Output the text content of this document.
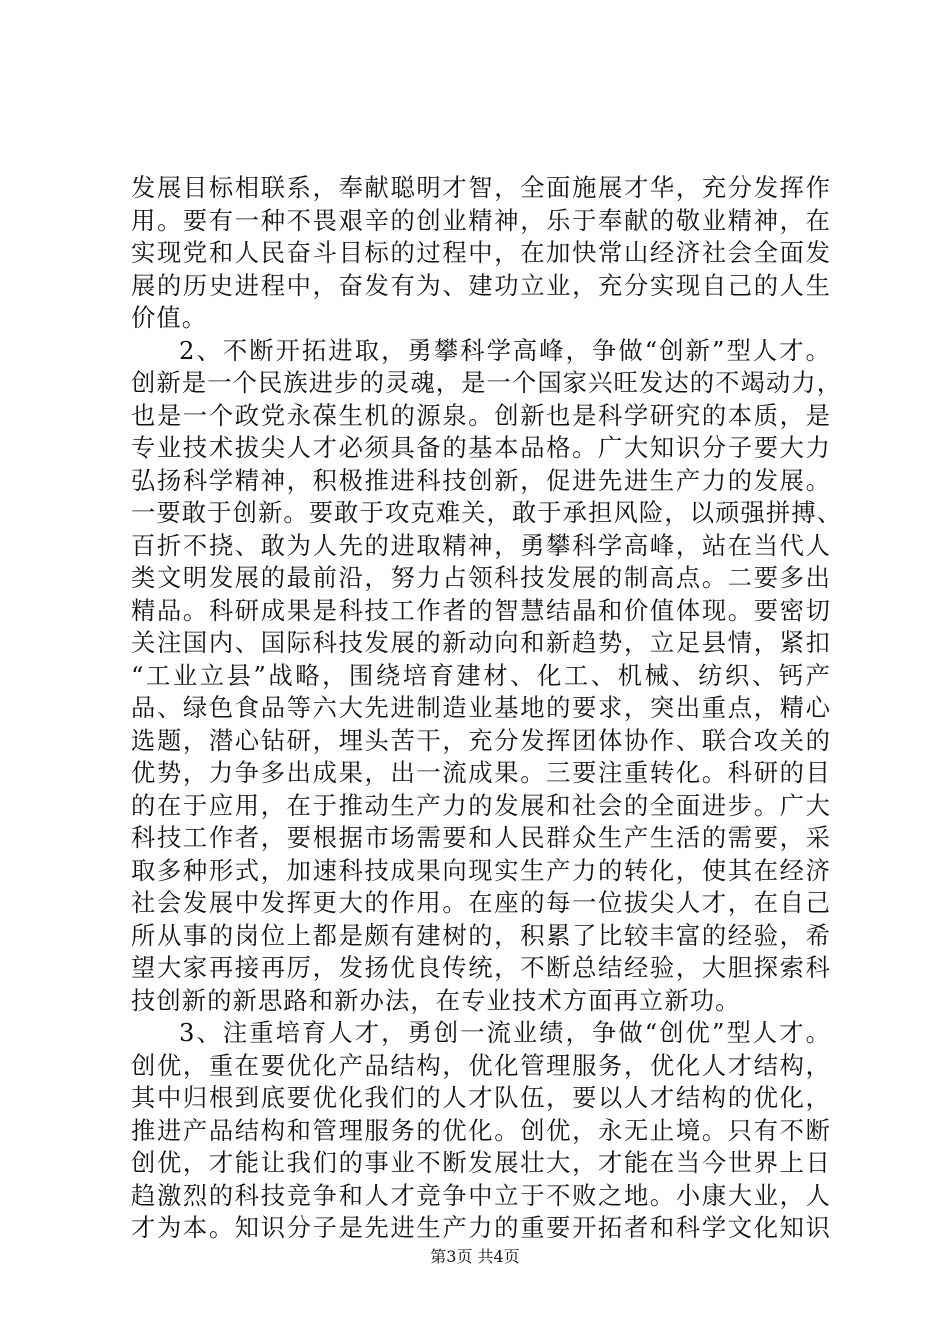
发展目标相联系，奉献聪明才智，全面施展才华，充分发挥作
用。要有一种不畏艰辛的创业精神，乐于奉献的敬业精神，在
实现党和人民奋斗目标的过程中，在加快常山经济社会全面发
展的历史进程中，奋发有为、建功立业，充分实现自己的人生
价值。
2、不断开拓进取，勇攀科学高峰，争做“创新”型人才。
创新是一个民族进步的灵魂，是一个国家兴旺发达的不竭动力，
也是一个政党永葆生机的源泉。创新也是科学研究的本质，是
专业技术拔尖人才必须具备的基本品格。广大知识分子要大力
弘扬科学精神，积极推进科技创新，促进先进生产力的发展。
一要敢于创新。要敢于攻克难关，敢于承担风险，以顽强拼搏、
百折不挠、敢为人先的进取精神，勇攀科学高峰，站在当代人
类文明发展的最前沿，努力占领科技发展的制高点。二要多出
精品。科研成果是科技工作者的智慧结晶和价值体现。要密切
关注国内、国际科技发展的新动向和新趋势，立足县情，紧扣
“工业立县”战略，围绕培育建材、化工、机械、纺织、钙产
品、绿色食品等六大先进制造业基地的要求，突出重点，精心
选题，潜心钻研，埋头苦干，充分发挥团体协作、联合攻关的
优势，力争多出成果，出一流成果。三要注重转化。科研的目
的在于应用，在于推动生产力的发展和社会的全面进步。广大
科技工作者，要根据市场需要和人民群众生产生活的需要，采
取多种形式，加速科技成果向现实生产力的转化，使其在经济
社会发展中发挥更大的作用。在座的每一位拔尖人才，在自己
所从事的岗位上都是颇有建树的，积累了比较丰富的经验，希
望大家再接再厉，发扬优良传统，不断总结经验，大胆探索科
技创新的新思路和新办法，在专业技术方面再立新功。
3、注重培育人才，勇创一流业绩，争做“创优”型人才。
创优，重在要优化产品结构，优化管理服务，优化人才结构，
其中归根到底要优化我们的人才队伍，要以人才结构的优化，
推进产品结构和管理服务的优化。创优，永无止境。只有不断
创优，才能让我们的事业不断发展壮大，才能在当今世界上日
趋激烈的科技竞争和人才竞争中立于不败之地。小康大业，人
才为本。知识分子是先进生产力的重要开拓者和科学文化知识
第3页 共4页
